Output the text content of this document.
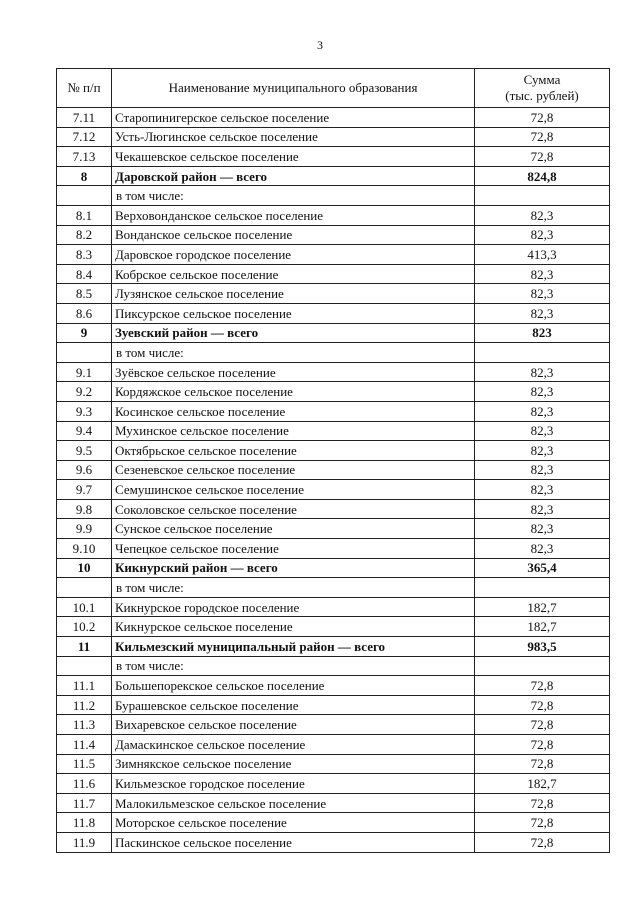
3
№ п/п	Наименование муниципального образования	Сумма
(тыс. рублей)
7.11	Старопинигерское сельское поселение	72,8
7.12	Усть-Люгинское сельское поселение	72,8
7.13	Чекашевское сельское поселение	72,8
8	Даровской район — всего	824,8
	в том числе:	
8.1	Верховонданское сельское поселение	82,3
8.2	Вонданское сельское поселение	82,3
8.3	Даровское городское поселение	413,3
8.4	Кобрское сельское поселение	82,3
8.5	Лузянское сельское поселение	82,3
8.6	Пиксурское сельское поселение	82,3
9	Зуевский район — всего	823
	в том числе:	
9.1	Зуёвское сельское поселение	82,3
9.2	Кордяжское сельское поселение	82,3
9.3	Косинское сельское поселение	82,3
9.4	Мухинское сельское поселение	82,3
9.5	Октябрьское сельское поселение	82,3
9.6	Сезеневское сельское поселение	82,3
9.7	Семушинское сельское поселение	82,3
9.8	Соколовское сельское поселение	82,3
9.9	Сунское сельское поселение	82,3
9.10	Чепецкое сельское поселение	82,3
10	Кикнурский район — всего	365,4
	в том числе:	
10.1	Кикнурское городское поселение	182,7
10.2	Кикнурское сельское поселение	182,7
11	Кильмезский муниципальный район — всего	983,5
	в том числе:	
11.1	Большепорекское сельское поселение	72,8
11.2	Бурашевское сельское поселение	72,8
11.3	Вихаревское сельское поселение	72,8
11.4	Дамаскинское сельское поселение	72,8
11.5	Зимнякское сельское поселение	72,8
11.6	Кильмезское городское поселение	182,7
11.7	Малокильмезское сельское поселение	72,8
11.8	Моторское сельское поселение	72,8
11.9	Паскинское сельское поселение	72,8
